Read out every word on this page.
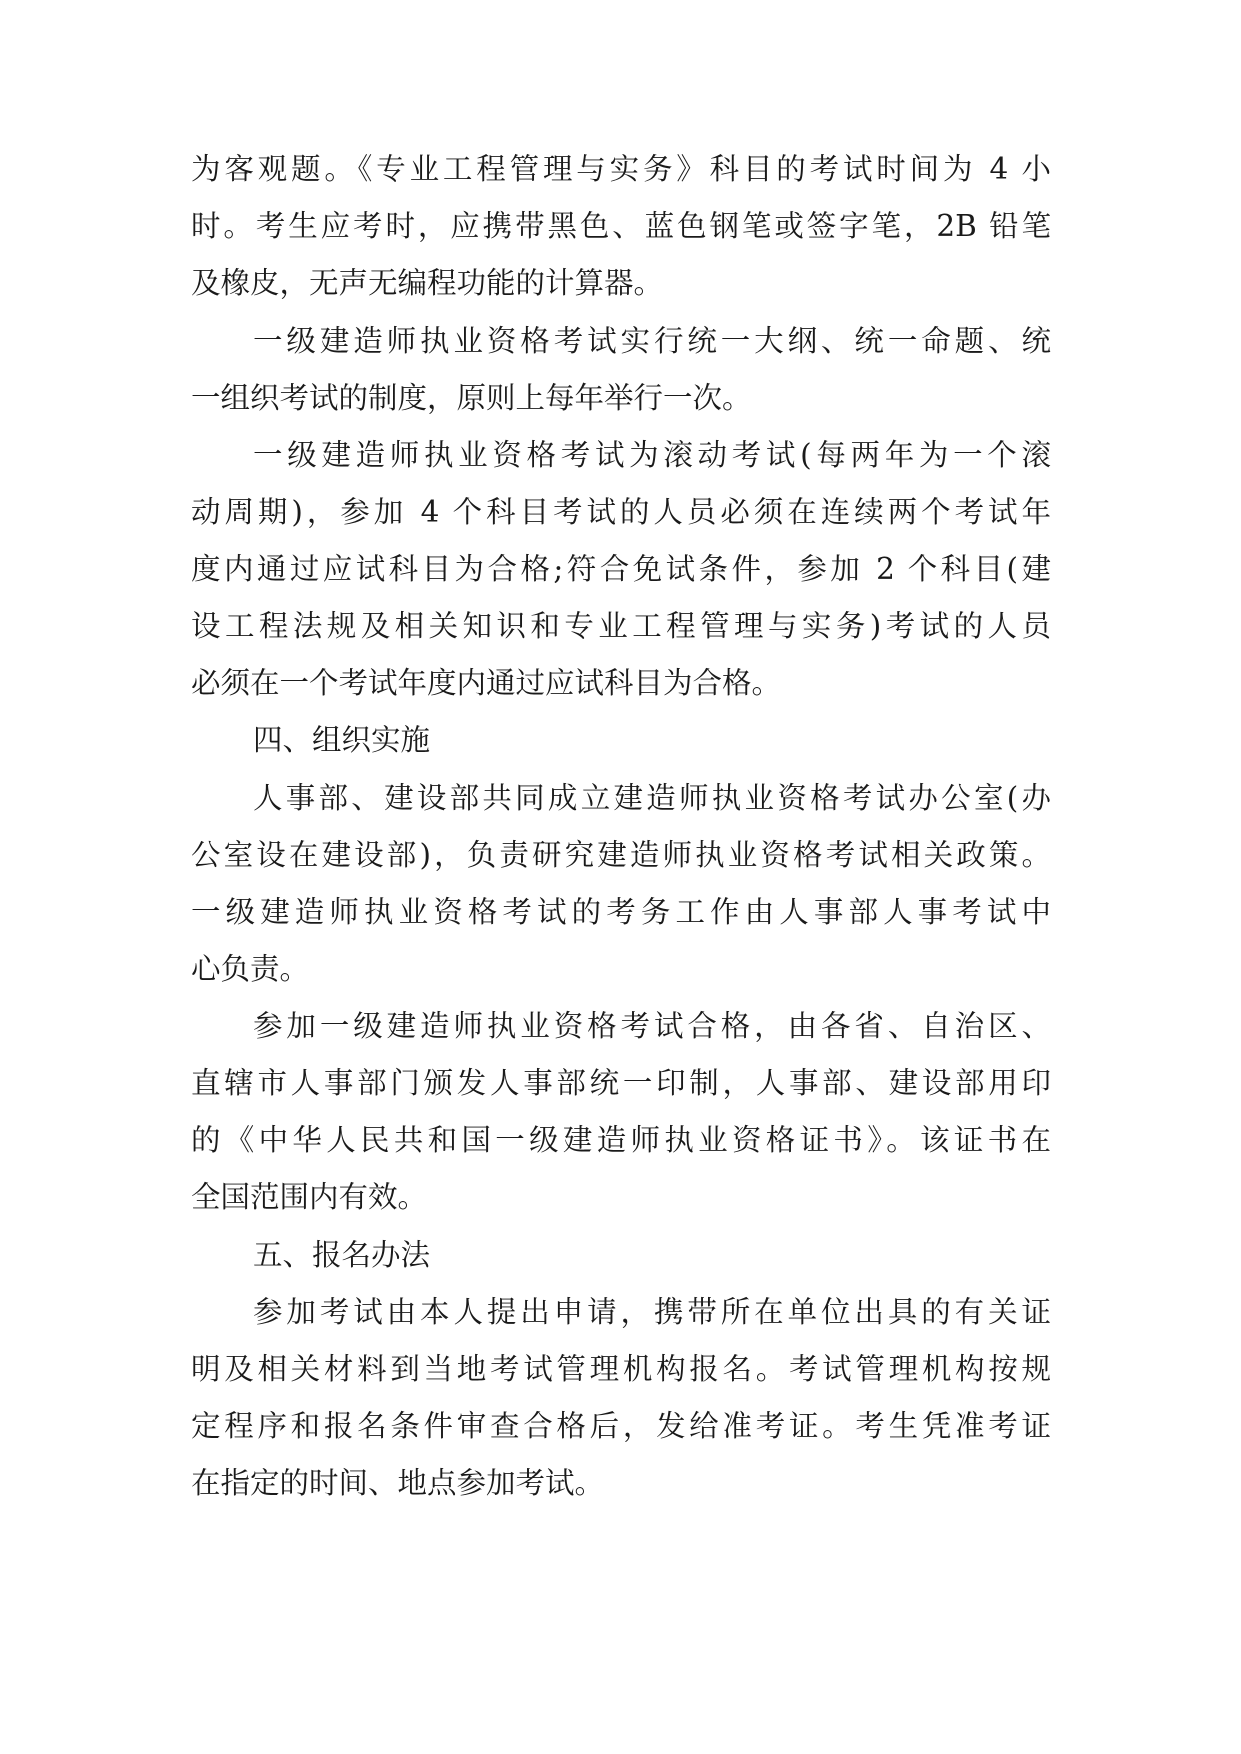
为客观题。《专业工程管理与实务》科目的考试时间为 4 小
时。考生应考时，应携带黑色、蓝色钢笔或签字笔，2B 铅笔
及橡皮，无声无编程功能的计算器。
一级建造师执业资格考试实行统一大纲、统一命题、统
一组织考试的制度，原则上每年举行一次。
一级建造师执业资格考试为滚动考试(每两年为一个滚
动周期)，参加 4 个科目考试的人员必须在连续两个考试年
度内通过应试科目为合格;符合免试条件，参加 2 个科目(建
设工程法规及相关知识和专业工程管理与实务)考试的人员
必须在一个考试年度内通过应试科目为合格。
四、组织实施
人事部、建设部共同成立建造师执业资格考试办公室(办
公室设在建设部)，负责研究建造师执业资格考试相关政策。
一级建造师执业资格考试的考务工作由人事部人事考试中
心负责。
参加一级建造师执业资格考试合格，由各省、自治区、
直辖市人事部门颁发人事部统一印制，人事部、建设部用印
的《中华人民共和国一级建造师执业资格证书》。该证书在
全国范围内有效。
五、报名办法
参加考试由本人提出申请，携带所在单位出具的有关证
明及相关材料到当地考试管理机构报名。考试管理机构按规
定程序和报名条件审查合格后，发给准考证。考生凭准考证
在指定的时间、地点参加考试。
